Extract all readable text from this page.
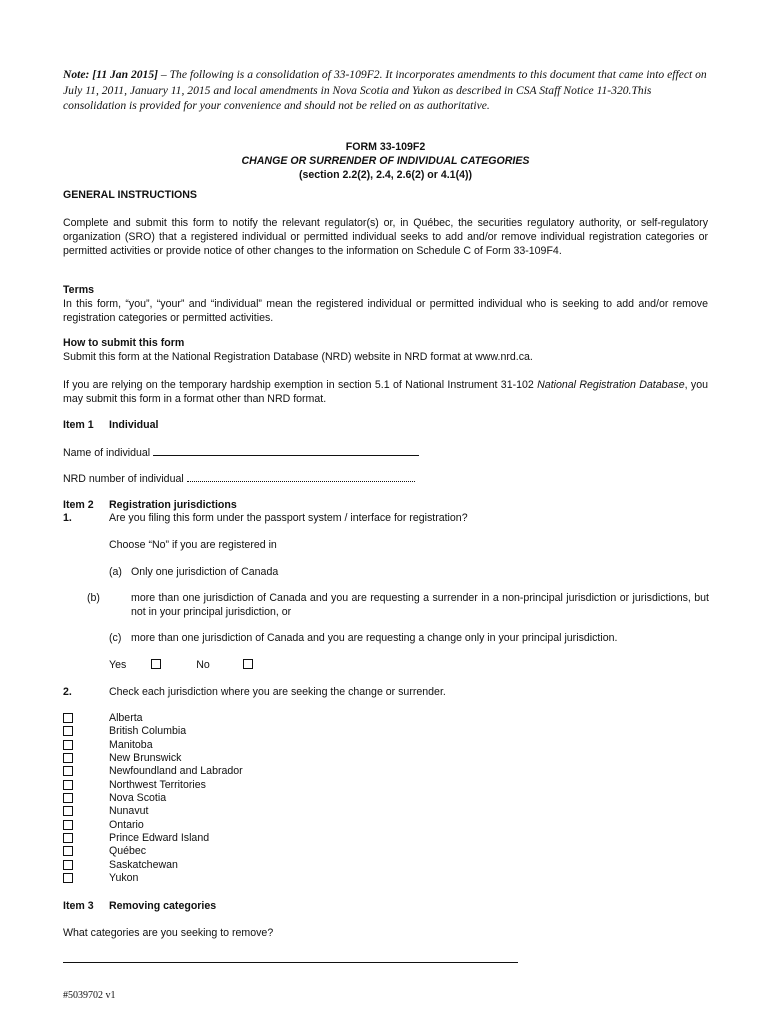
Note: [11 Jan 2015] – The following is a consolidation of 33-109F2. It incorporates amendments to this document that came into effect on July 11, 2011, January 11, 2015 and local amendments in Nova Scotia and Yukon as described in CSA Staff Notice 11-320.This consolidation is provided for your convenience and should not be relied on as authoritative.
FORM 33-109F2
CHANGE OR SURRENDER OF INDIVIDUAL CATEGORIES
(section 2.2(2), 2.4, 2.6(2) or 4.1(4))
GENERAL INSTRUCTIONS
Complete and submit this form to notify the relevant regulator(s) or, in Québec, the securities regulatory authority, or self-regulatory organization (SRO) that a registered individual or permitted individual seeks to add and/or remove individual registration categories or permitted activities or provide notice of other changes to the information on Schedule C of Form 33-109F4.
Terms
In this form, “you”, “your” and “individual” mean the registered individual or permitted individual who is seeking to add and/or remove registration categories or permitted activities.
How to submit this form
Submit this form at the National Registration Database (NRD) website in NRD format at www.nrd.ca.
If you are relying on the temporary hardship exemption in section 5.1 of National Instrument 31-102 National Registration Database, you may submit this form in a format other than NRD format.
Item 1 Individual
Name of individual
NRD number of individual
Item 2 Registration jurisdictions
1.	Are you filing this form under the passport system / interface for registration?
Choose “No” if you are registered in
(a) Only one jurisdiction of Canada
(b)	more than one jurisdiction of Canada and you are requesting a surrender in a non-principal jurisdiction or jurisdictions, but not in your principal jurisdiction, or
(c) more than one jurisdiction of Canada and you are requesting a change only in your principal jurisdiction.
Yes	No
2.	Check each jurisdiction where you are seeking the change or surrender.
Alberta
British Columbia
Manitoba
New Brunswick
Newfoundland and Labrador
Northwest Territories
Nova Scotia
Nunavut
Ontario
Prince Edward Island
Québec
Saskatchewan
Yukon
Item 3 Removing categories
What categories are you seeking to remove?
#5039702 v1
